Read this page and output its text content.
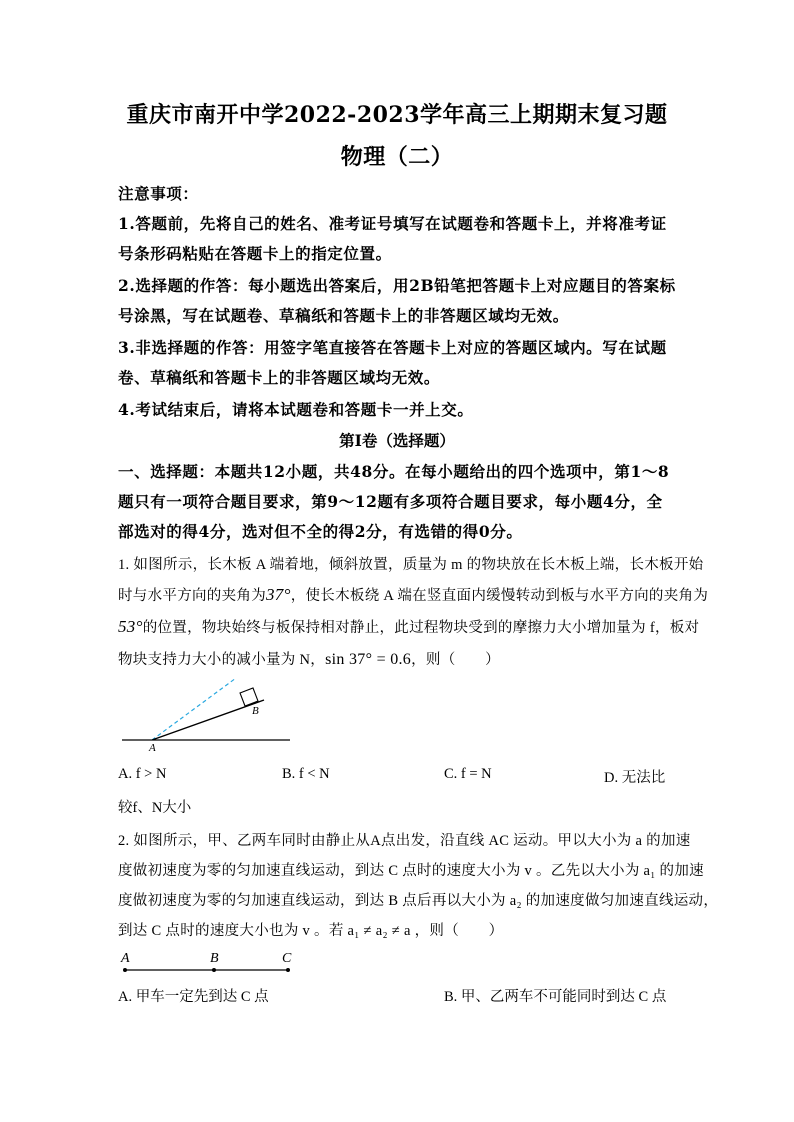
重庆市南开中学2022-2023学年高三上期期末复习题
物理（二）
注意事项：
1.答题前，先将自己的姓名、准考证号填写在试题卷和答题卡上，并将准考证
号条形码粘贴在答题卡上的指定位置。
2.选择题的作答：每小题选出答案后，用2B铅笔把答题卡上对应题目的答案标
号涂黑，写在试题卷、草稿纸和答题卡上的非答题区域均无效。
3.非选择题的作答：用签字笔直接答在答题卡上对应的答题区域内。写在试题
卷、草稿纸和答题卡上的非答题区域均无效。
4.考试结束后，请将本试题卷和答题卡一并上交。
第Ⅰ卷（选择题）
一、选择题：本题共12小题，共48分。在每小题给出的四个选项中，第1～8
题只有一项符合题目要求，第9～12题有多项符合题目要求，每小题4分，全
部选对的得4分，选对但不全的得2分，有选错的得0分。
1. 如图所示，长木板 A 端着地，倾斜放置，质量为 m 的物块放在长木板上端，长木板开始
时与水平方向的夹角为37°，使长木板绕 A 端在竖直面内缓慢转动到板与水平方向的夹角为
53°的位置，物块始终与板保持相对静止，此过程物块受到的摩擦力大小增加量为 f，板对
物块支持力大小的减小量为 N，sin 37° = 0.6，则（　　）
A
B
A. f > N	B. f < N	C. f = N	D. 无法比
较f、N大小
2. 如图所示，甲、乙两车同时由静止从A点出发，沿直线 AC 运动。甲以大小为 a 的加速
度做初速度为零的匀加速直线运动，到达 C 点时的速度大小为 v 。乙先以大小为 a₁ 的加速
度做初速度为零的匀加速直线运动，到达 B 点后再以大小为 a₂ 的加速度做匀加速直线运动，
到达 C 点时的速度大小也为 v 。若 a₁ ≠ a₂ ≠ a ，则（　　）
A	B	C
A. 甲车一定先到达 C 点	B. 甲、乙两车不可能同时到达 C 点
